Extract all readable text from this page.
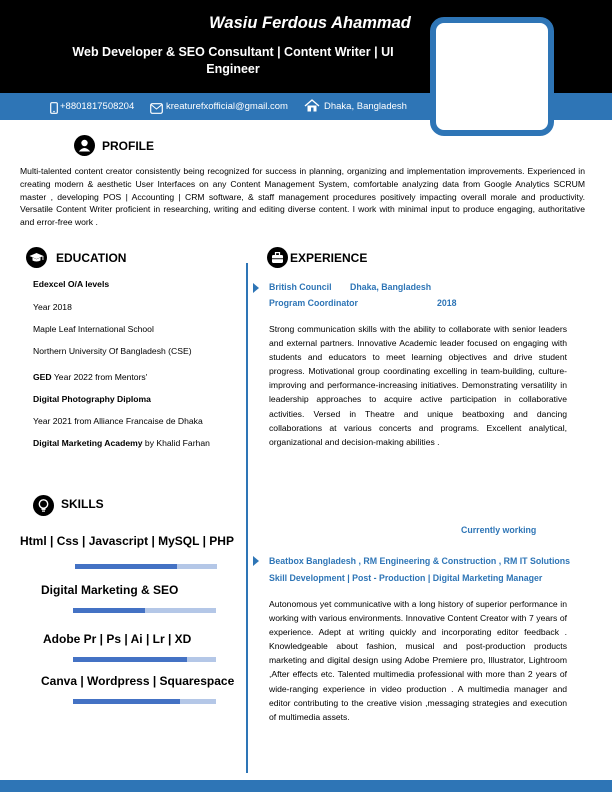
Wasiu Ferdous Ahammad
Web Developer & SEO Consultant | Content Writer | UI Engineer
+8801817508204	kreaturefxofficial@gmail.com	Dhaka, Bangladesh
PROFILE
Multi-talented content creator consistently being recognized for success in planning, organizing and implementation improvements. Experienced in creating modern & aesthetic User Interfaces on any Content Management System, comfortable analyzing data from Google Analytics SCRUM master , developing POS | Accounting | CRM software, & staff management procedures positively impacting overall morale and productivity. Versatile Content Writer proficient in researching, writing and editing diverse content. I work with minimal input to produce engaging, authoritative and error-free work .
EDUCATION
Edexcel O/A levels
Year 2018
Maple Leaf International School
Northern University Of Bangladesh (CSE)
GED Year 2022 from Mentors'
Digital Photography Diploma
Year 2021 from Alliance Francaise de Dhaka
Digital Marketing Academy by Khalid Farhan
SKILLS
Html | Css | Javascript | MySQL | PHP
Digital Marketing & SEO
Adobe Pr | Ps | Ai | Lr | XD
Canva | Wordpress | Squarespace
EXPERIENCE
British Council Dhaka, Bangladesh
Program Coordinator	2018
Strong communication skills with the ability to collaborate with senior leaders and external partners. Innovative Academic leader focused on engaging with students and educators to meet learning objectives and drive student progress. Motivational group coordinating excelling in team-building, culture-improving and performance-increasing initiatives. Demonstrating versatility in leadership approaches to acquire active participation in collaborative activities. Versed in Theatre and unique beatboxing and dancing collaborations at various concerts and programs. Excellent analytical, organizational and decision-making abilities .
Currently working
Beatbox Bangladesh , RM Engineering & Construction , RM IT Solutions
Skill Development | Post - Production | Digital Marketing Manager
Autonomous yet communicative with a long history of superior performance in working with various environments. Innovative Content Creator with 7 years of experience. Adept at writing quickly and incorporating editor feedback . Knowledgeable about fashion, musical and post-production products marketing and digital design using Adobe Premiere pro, Illustrator, Lightroom ,After effects etc. Talented multimedia professional with more than 2 years of wide-ranging experience in video production . A multimedia manager and editor contributing to the creative vision ,messaging strategies and execution of multimedia assets.
